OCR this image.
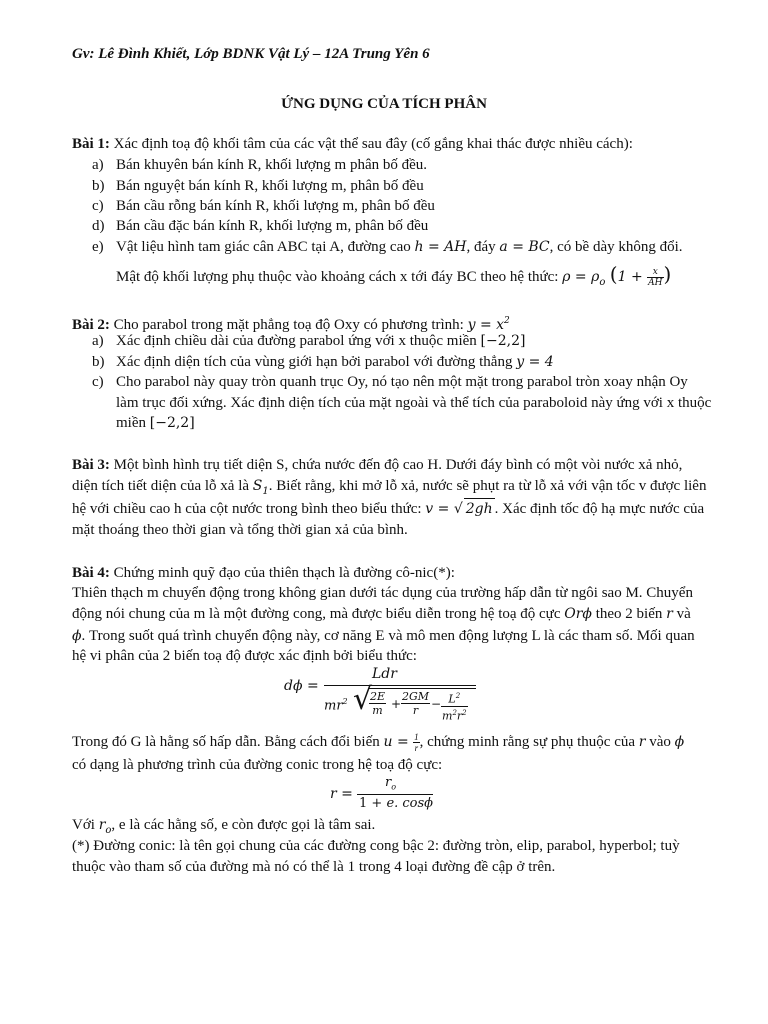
Gv: Lê Đình Khiết, Lớp BDNK Vật Lý – 12A Trung Yên 6
ỨNG DỤNG CỦA TÍCH PHÂN
Bài 1: Xác định toạ độ khối tâm của các vật thể sau đây (cố gắng khai thác được nhiều cách):
a) Bán khuyên bán kính R, khối lượng m phân bố đều.
b) Bán nguyệt bán kính R, khối lượng m, phân bố đều
c) Bán cầu rỗng bán kính R, khối lượng m, phân bố đều
d) Bán cầu đặc bán kính R, khối lượng m, phân bố đều
e) Vật liệu hình tam giác cân ABC tại A, đường cao h = AH, đáy a = BC, có bề dày không đổi.
Mật độ khối lượng phụ thuộc vào khoảng cách x tới đáy BC theo hệ thức: $\rho = \rho_o$ ($1 + \frac{x}{AH}$ )
Bài 2: Cho parabol trong mặt phẳng toạ độ Oxy có phương trình: $y = x^2$
a) Xác định chiều dài của đường parabol ứng với x thuộc miền [−2,2]
b) Xác định diện tích của vùng giới hạn bởi parabol với đường thẳng y = 4
c) Cho parabol này quay tròn quanh trục Oy, nó tạo nên một mặt trong parabol tròn xoay nhận Oy
làm trục đối xứng. Xác định diện tích của mặt ngoài và thể tích của paraboloid này ứng với x thuộc
miền [−2,2]
Bài 3: Một bình hình trụ tiết diện S, chứa nước đến độ cao H. Dưới đáy bình có một vòi nước xả nhỏ,
diện tích tiết diện của lỗ xả là $S_1$. Biết rằng, khi mở lỗ xả, nước sẽ phụt ra từ lỗ xả với vận tốc v được liên
hệ với chiều cao h của cột nước trong bình theo biểu thức: v = √ 2gh . Xác định tốc độ hạ mực nước của
mặt thoáng theo thời gian và tổng thời gian xả của bình.
Bài 4: Chứng minh quỹ đạo của thiên thạch là đường cô-nic(*):
Thiên thạch m chuyển động trong không gian dưới tác dụng của trường hấp dẫn từ ngôi sao M. Chuyển
động nói chung của m là một đường cong, mà được biểu diễn trong hệ toạ độ cực Orϕ theo 2 biến r và
ϕ. Trong suốt quá trình chuyển động này, cơ năng E và mô men động lượng L là các tham số. Mối quan
hệ vi phân của 2 biến toạ độ được xác định bởi biểu thức:
dϕ =
Ldr
$mr^2$ √
$\frac{2E}{m} + \frac{2GM}{r} - \frac{L^2}{m^2r^2}$
Trong đó G là hằng số hấp dẫn. Bằng cách đổi biến $u = \frac{1}{r}$ , chứng minh rằng sự phụ thuộc của r vào ϕ
có dạng là phương trình của đường conic trong hệ toạ độ cực:
r =
$r_o$
1 + e. cosϕ
Với $r_o$, e là các hằng số, e còn được gọi là tâm sai.
(*) Đường conic: là tên gọi chung của các đường cong bậc 2: đường tròn, elip, parabol, hyperbol; tuỳ
thuộc vào tham số của đường mà nó có thể là 1 trong 4 loại đường đề cập ở trên.
